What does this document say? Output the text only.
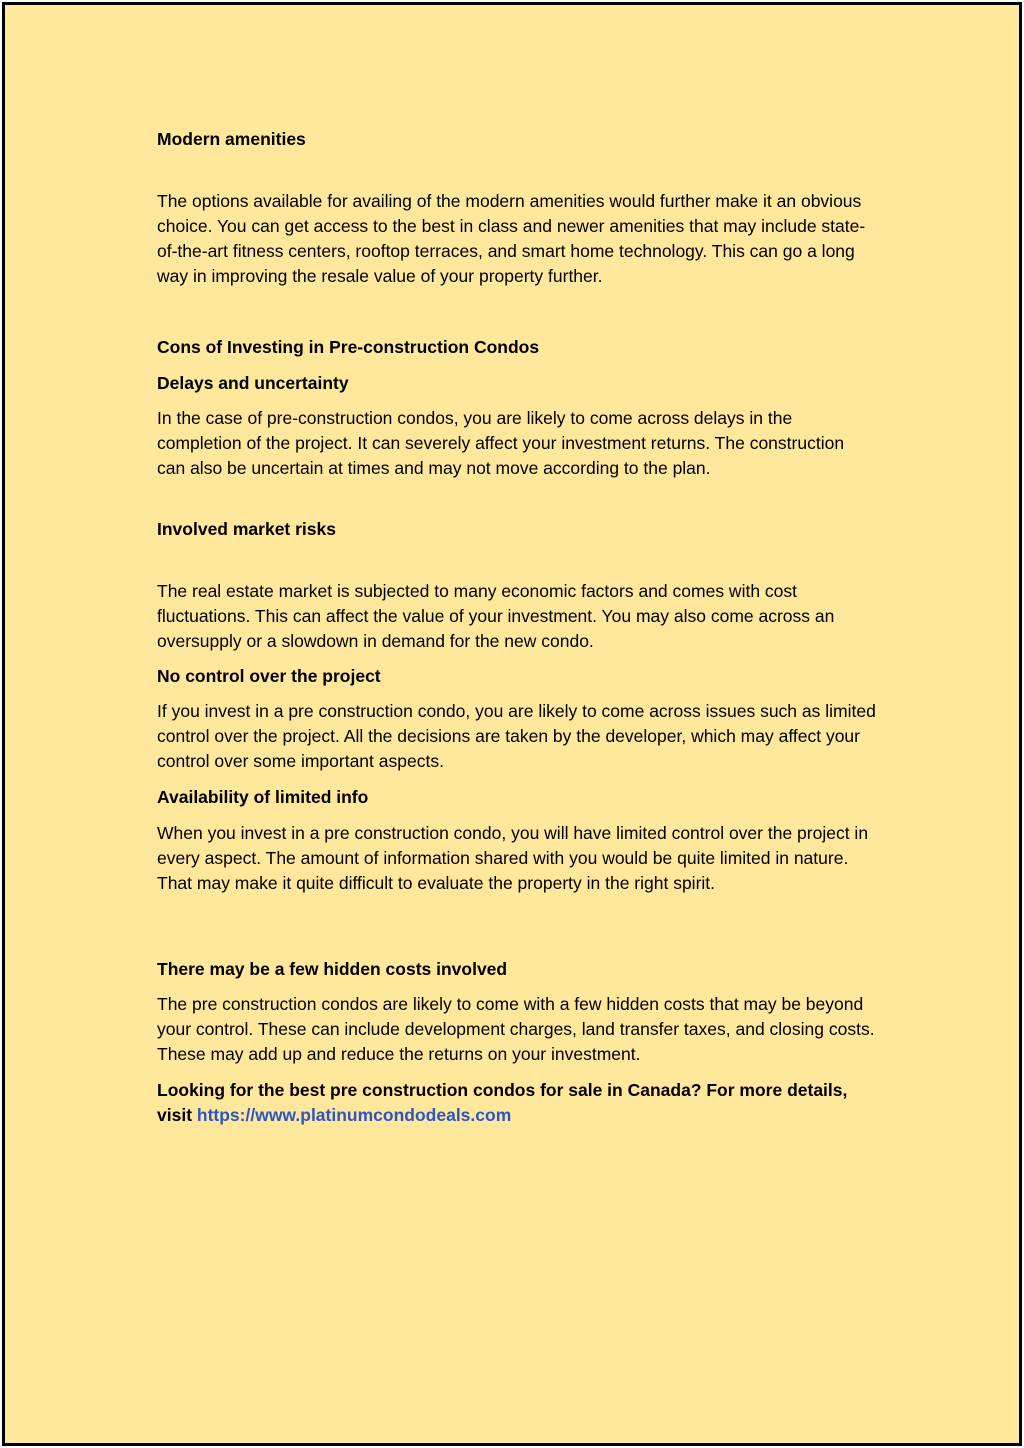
Modern amenities

The options available for availing of the modern amenities would further make it an obvious choice. You can get access to the best in class and newer amenities that may include state-of-the-art fitness centers, rooftop terraces, and smart home technology. This can go a long way in improving the resale value of your property further.

Cons of Investing in Pre-construction Condos
Delays and uncertainty

In the case of pre-construction condos, you are likely to come across delays in the completion of the project. It can severely affect your investment returns. The construction can also be uncertain at times and may not move according to the plan.

Involved market risks

The real estate market is subjected to many economic factors and comes with cost fluctuations. This can affect the value of your investment. You may also come across an oversupply or a slowdown in demand for the new condo.

No control over the project

If you invest in a pre construction condo, you are likely to come across issues such as limited control over the project. All the decisions are taken by the developer, which may affect your control over some important aspects.

Availability of limited info

When you invest in a pre construction condo, you will have limited control over the project in every aspect. The amount of information shared with you would be quite limited in nature. That may make it quite difficult to evaluate the property in the right spirit.

There may be a few hidden costs involved

The pre construction condos are likely to come with a few hidden costs that may be beyond your control. These can include development charges, land transfer taxes, and closing costs. These may add up and reduce the returns on your investment.

Looking for the best pre construction condos for sale in Canada? For more details, visit https://www.platinumcondodeals.com
